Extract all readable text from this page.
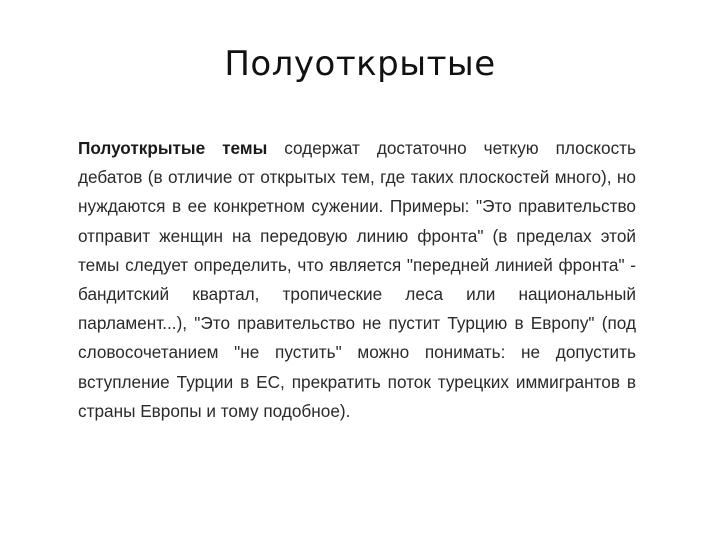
Полуоткрытые

Полуоткрытые темы содержат достаточно четкую плоскость дебатов (в отличие от открытых тем, где таких плоскостей много), но нуждаются в ее конкретном сужении. Примеры: "Это правительство отправит женщин на передовую линию фронта" (в пределах этой темы следует определить, что является "передней линией фронта" - бандитский квартал, тропические леса или национальный парламент...), "Это правительство не пустит Турцию в Европу" (под словосочетанием "не пустить" можно понимать: не допустить вступление Турции в ЕС, прекратить поток турецких иммигрантов в страны Европы и тому подобное).
